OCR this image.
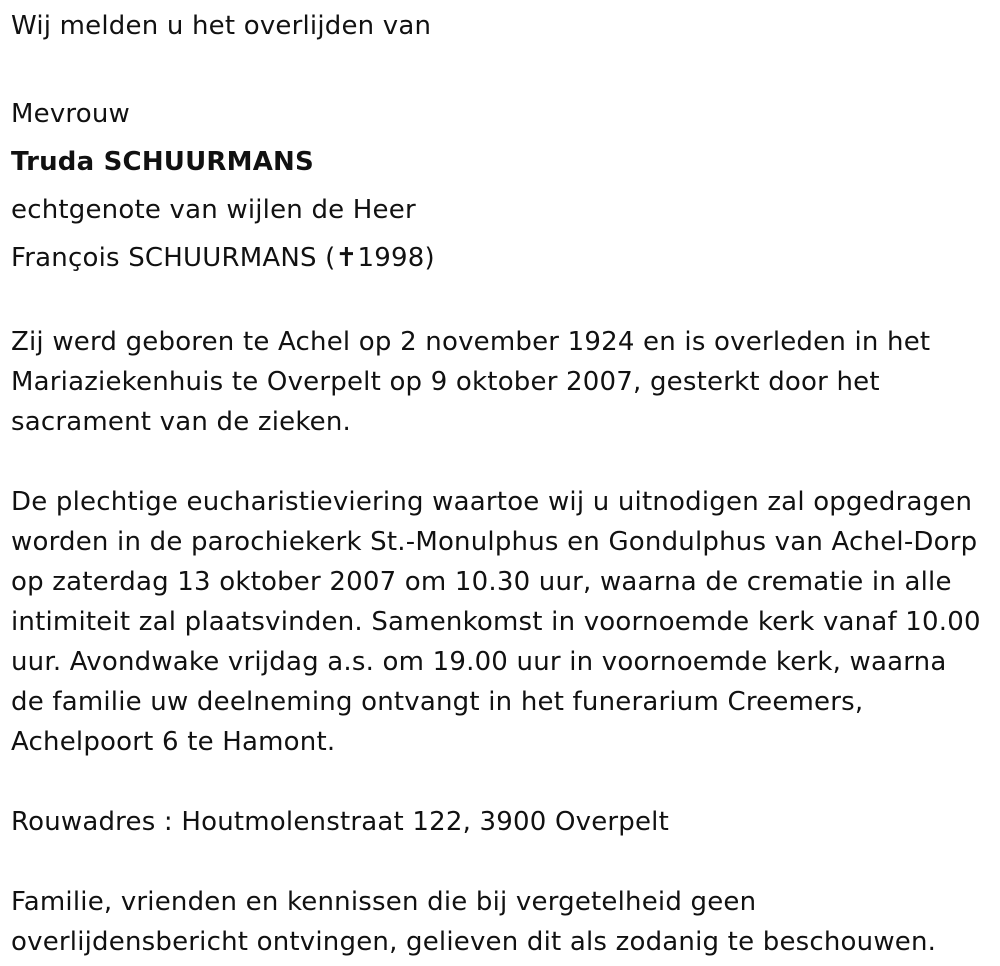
Wij melden u het overlijden van

Mevrouw

Truda SCHUURMANS

echtgenote van wijlen de Heer

François SCHUURMANS (✝1998)

Zij werd geboren te Achel op 2 november 1924 en is overleden in het

Mariaziekenhuis te Overpelt op 9 oktober 2007, gesterkt door het

sacrament van de zieken.

De plechtige eucharistieviering waartoe wij u uitnodigen zal opgedragen

worden in de parochiekerk St.-Monulphus en Gondulphus van Achel-Dorp

op zaterdag 13 oktober 2007 om 10.30 uur, waarna de crematie in alle

intimiteit zal plaatsvinden. Samenkomst in voornoemde kerk vanaf 10.00

uur. Avondwake vrijdag a.s. om 19.00 uur in voornoemde kerk, waarna

de familie uw deelneming ontvangt in het funerarium Creemers,

Achelpoort 6 te Hamont.

Rouwadres : Houtmolenstraat 122, 3900 Overpelt

Familie, vrienden en kennissen die bij vergetelheid geen

overlijdensbericht ontvingen, gelieven dit als zodanig te beschouwen.
